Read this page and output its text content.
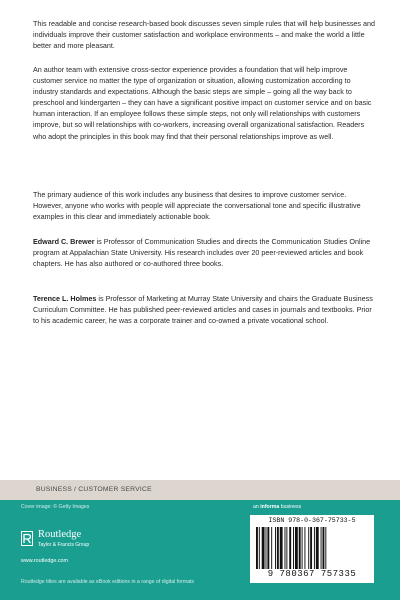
This readable and concise research-based book discusses seven simple rules that will help businesses and individuals improve their customer satisfaction and workplace environments – and make the world a little better and more pleasant.

An author team with extensive cross-sector experience provides a foundation that will help improve customer service no matter the type of organization or situation, allowing customization according to industry standards and expectations. Although the basic steps are simple – going all the way back to preschool and kindergarten – they can have a significant positive impact on customer service and on basic human interaction. If an employee follows these simple steps, not only will relationships with customers improve, but so will relationships with co-workers, increasing overall organizational satisfaction. Readers who adopt the principles in this book may find that their personal relationships improve as well.

The primary audience of this work includes any business that desires to improve customer service. However, anyone who works with people will appreciate the conversational tone and specific illustrative examples in this clear and immediately actionable book.

Edward C. Brewer is Professor of Communication Studies and directs the Communication Studies Online program at Appalachian State University. His research includes over 20 peer-reviewed articles and book chapters. He has also authored or co-authored three books.

Terence L. Holmes is Professor of Marketing at Murray State University and chairs the Graduate Business Curriculum Committee. He has published peer-reviewed articles and cases in journals and textbooks. Prior to his academic career, he was a corporate trainer and co-owned a private vocational school.

BUSINESS / CUSTOMER SERVICE
Cover image: © Getty Images
Routledge
Taylor & Francis Group
www.routledge.com
Routledge titles are available as eBook editions in a range of digital formats
an informa business
ISBN 978-0-367-75733-5
9 780367 757335
